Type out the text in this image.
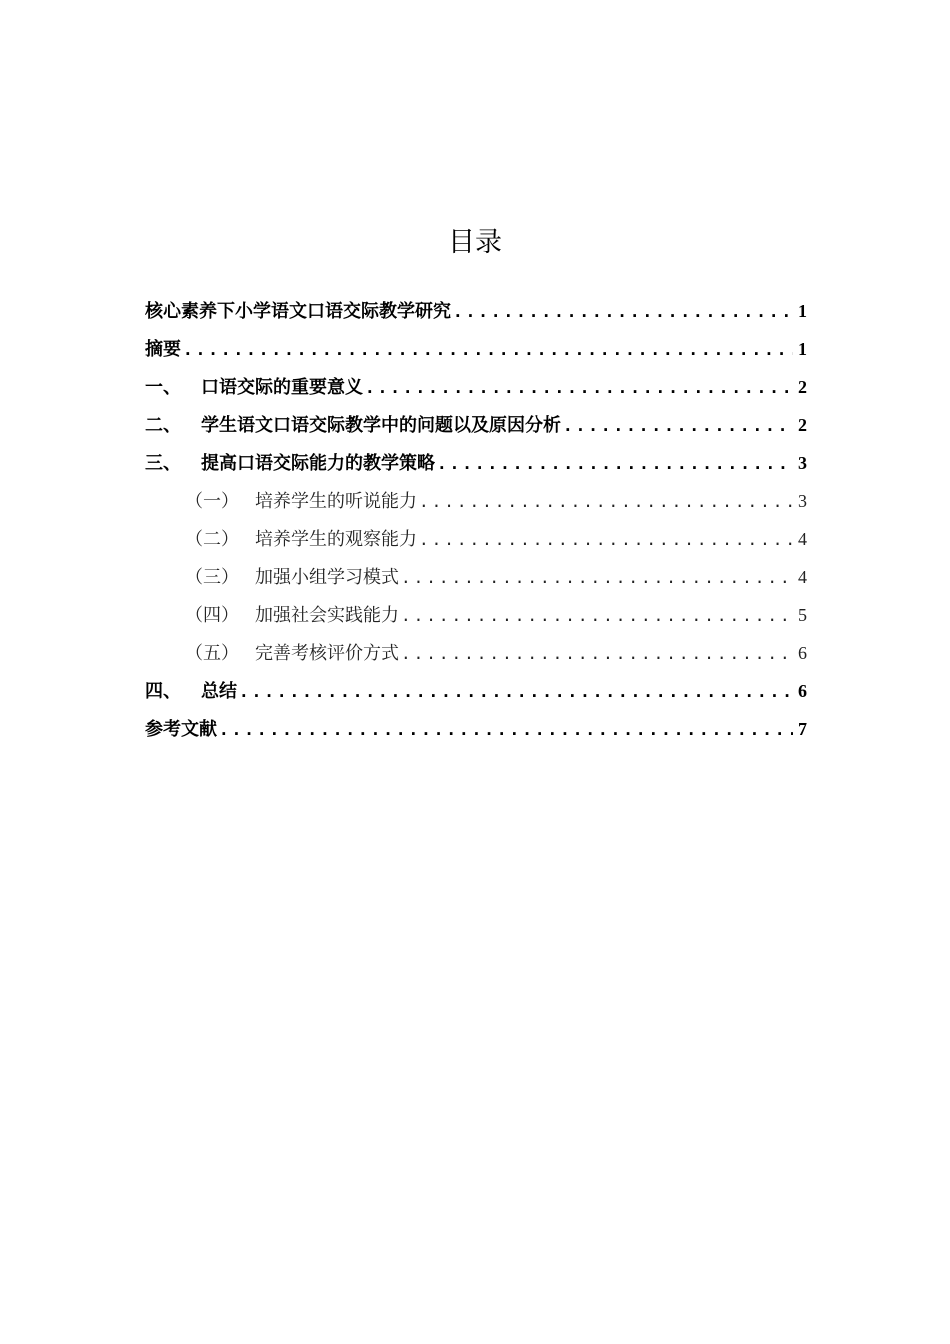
目录
核心素养下小学语文口语交际教学研究 .....	1
摘要 .....	1
一、	口语交际的重要意义 .....	2
二、	学生语文口语交际教学中的问题以及原因分析 .....	2
三、	提高口语交际能力的教学策略 .....	3
（一） 培养学生的听说能力 .....	3
（二） 培养学生的观察能力 .....	4
（三） 加强小组学习模式 .....	4
（四） 加强社会实践能力 .....	5
（五） 完善考核评价方式 .....	6
四、	总结 .....	6
参考文献 .....	7
